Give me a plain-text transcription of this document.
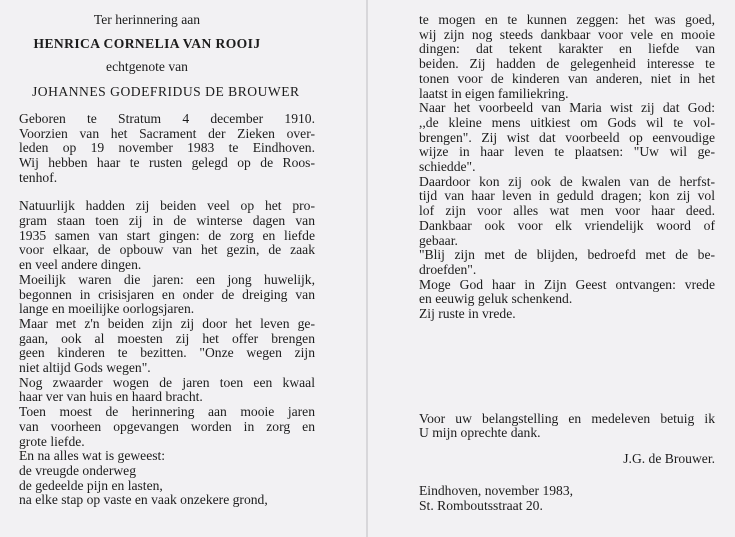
Ter herinnering aan
HENRICA CORNELIA VAN ROOIJ
echtgenote van
JOHANNES GODEFRIDUS DE BROUWER
Geboren te Stratum 4 december 1910.
Voorzien van het Sacrament der Zieken over-
leden op 19 november 1983 te Eindhoven.
Wij hebben haar te rusten gelegd op de Roos-
tenhof.
Natuurlijk hadden zij beiden veel op het pro-
gram staan toen zij in de winterse dagen van
1935 samen van start gingen: de zorg en liefde
voor elkaar, de opbouw van het gezin, de zaak
en veel andere dingen.
Moeilijk waren die jaren: een jong huwelijk,
begonnen in crisisjaren en onder de dreiging van
lange en moeilijke oorlogsjaren.
Maar met z'n beiden zijn zij door het leven ge-
gaan, ook al moesten zij het offer brengen
geen kinderen te bezitten. "Onze wegen zijn
niet altijd Gods wegen".
Nog zwaarder wogen de jaren toen een kwaal
haar ver van huis en haard bracht.
Toen moest de herinnering aan mooie jaren
van voorheen opgevangen worden in zorg en
grote liefde.
En na alles wat is geweest:
de vreugde onderweg
de gedeelde pijn en lasten,
na elke stap op vaste en vaak onzekere grond,
te mogen en te kunnen zeggen: het was goed,
wij zijn nog steeds dankbaar voor vele en mooie
dingen: dat tekent karakter en liefde van
beiden. Zij hadden de gelegenheid interesse te
tonen voor de kinderen van anderen, niet in het
laatst in eigen familiekring.
Naar het voorbeeld van Maria wist zij dat God:
,,de kleine mens uitkiest om Gods wil te vol-
brengen". Zij wist dat voorbeeld op eenvoudige
wijze in haar leven te plaatsen: "Uw wil ge-
schiedde".
Daardoor kon zij ook de kwalen van de herfst-
tijd van haar leven in geduld dragen; kon zij vol
lof zijn voor alles wat men voor haar deed.
Dankbaar ook voor elk vriendelijk woord of
gebaar.
"Blij zijn met de blijden, bedroefd met de be-
droefden".
Moge God haar in Zijn Geest ontvangen: vrede
en eeuwig geluk schenkend.
Zij ruste in vrede.
Voor uw belangstelling en medeleven betuig ik
U mijn oprechte dank.
J.G. de Brouwer.
Eindhoven, november 1983,
St. Romboutsstraat 20.
